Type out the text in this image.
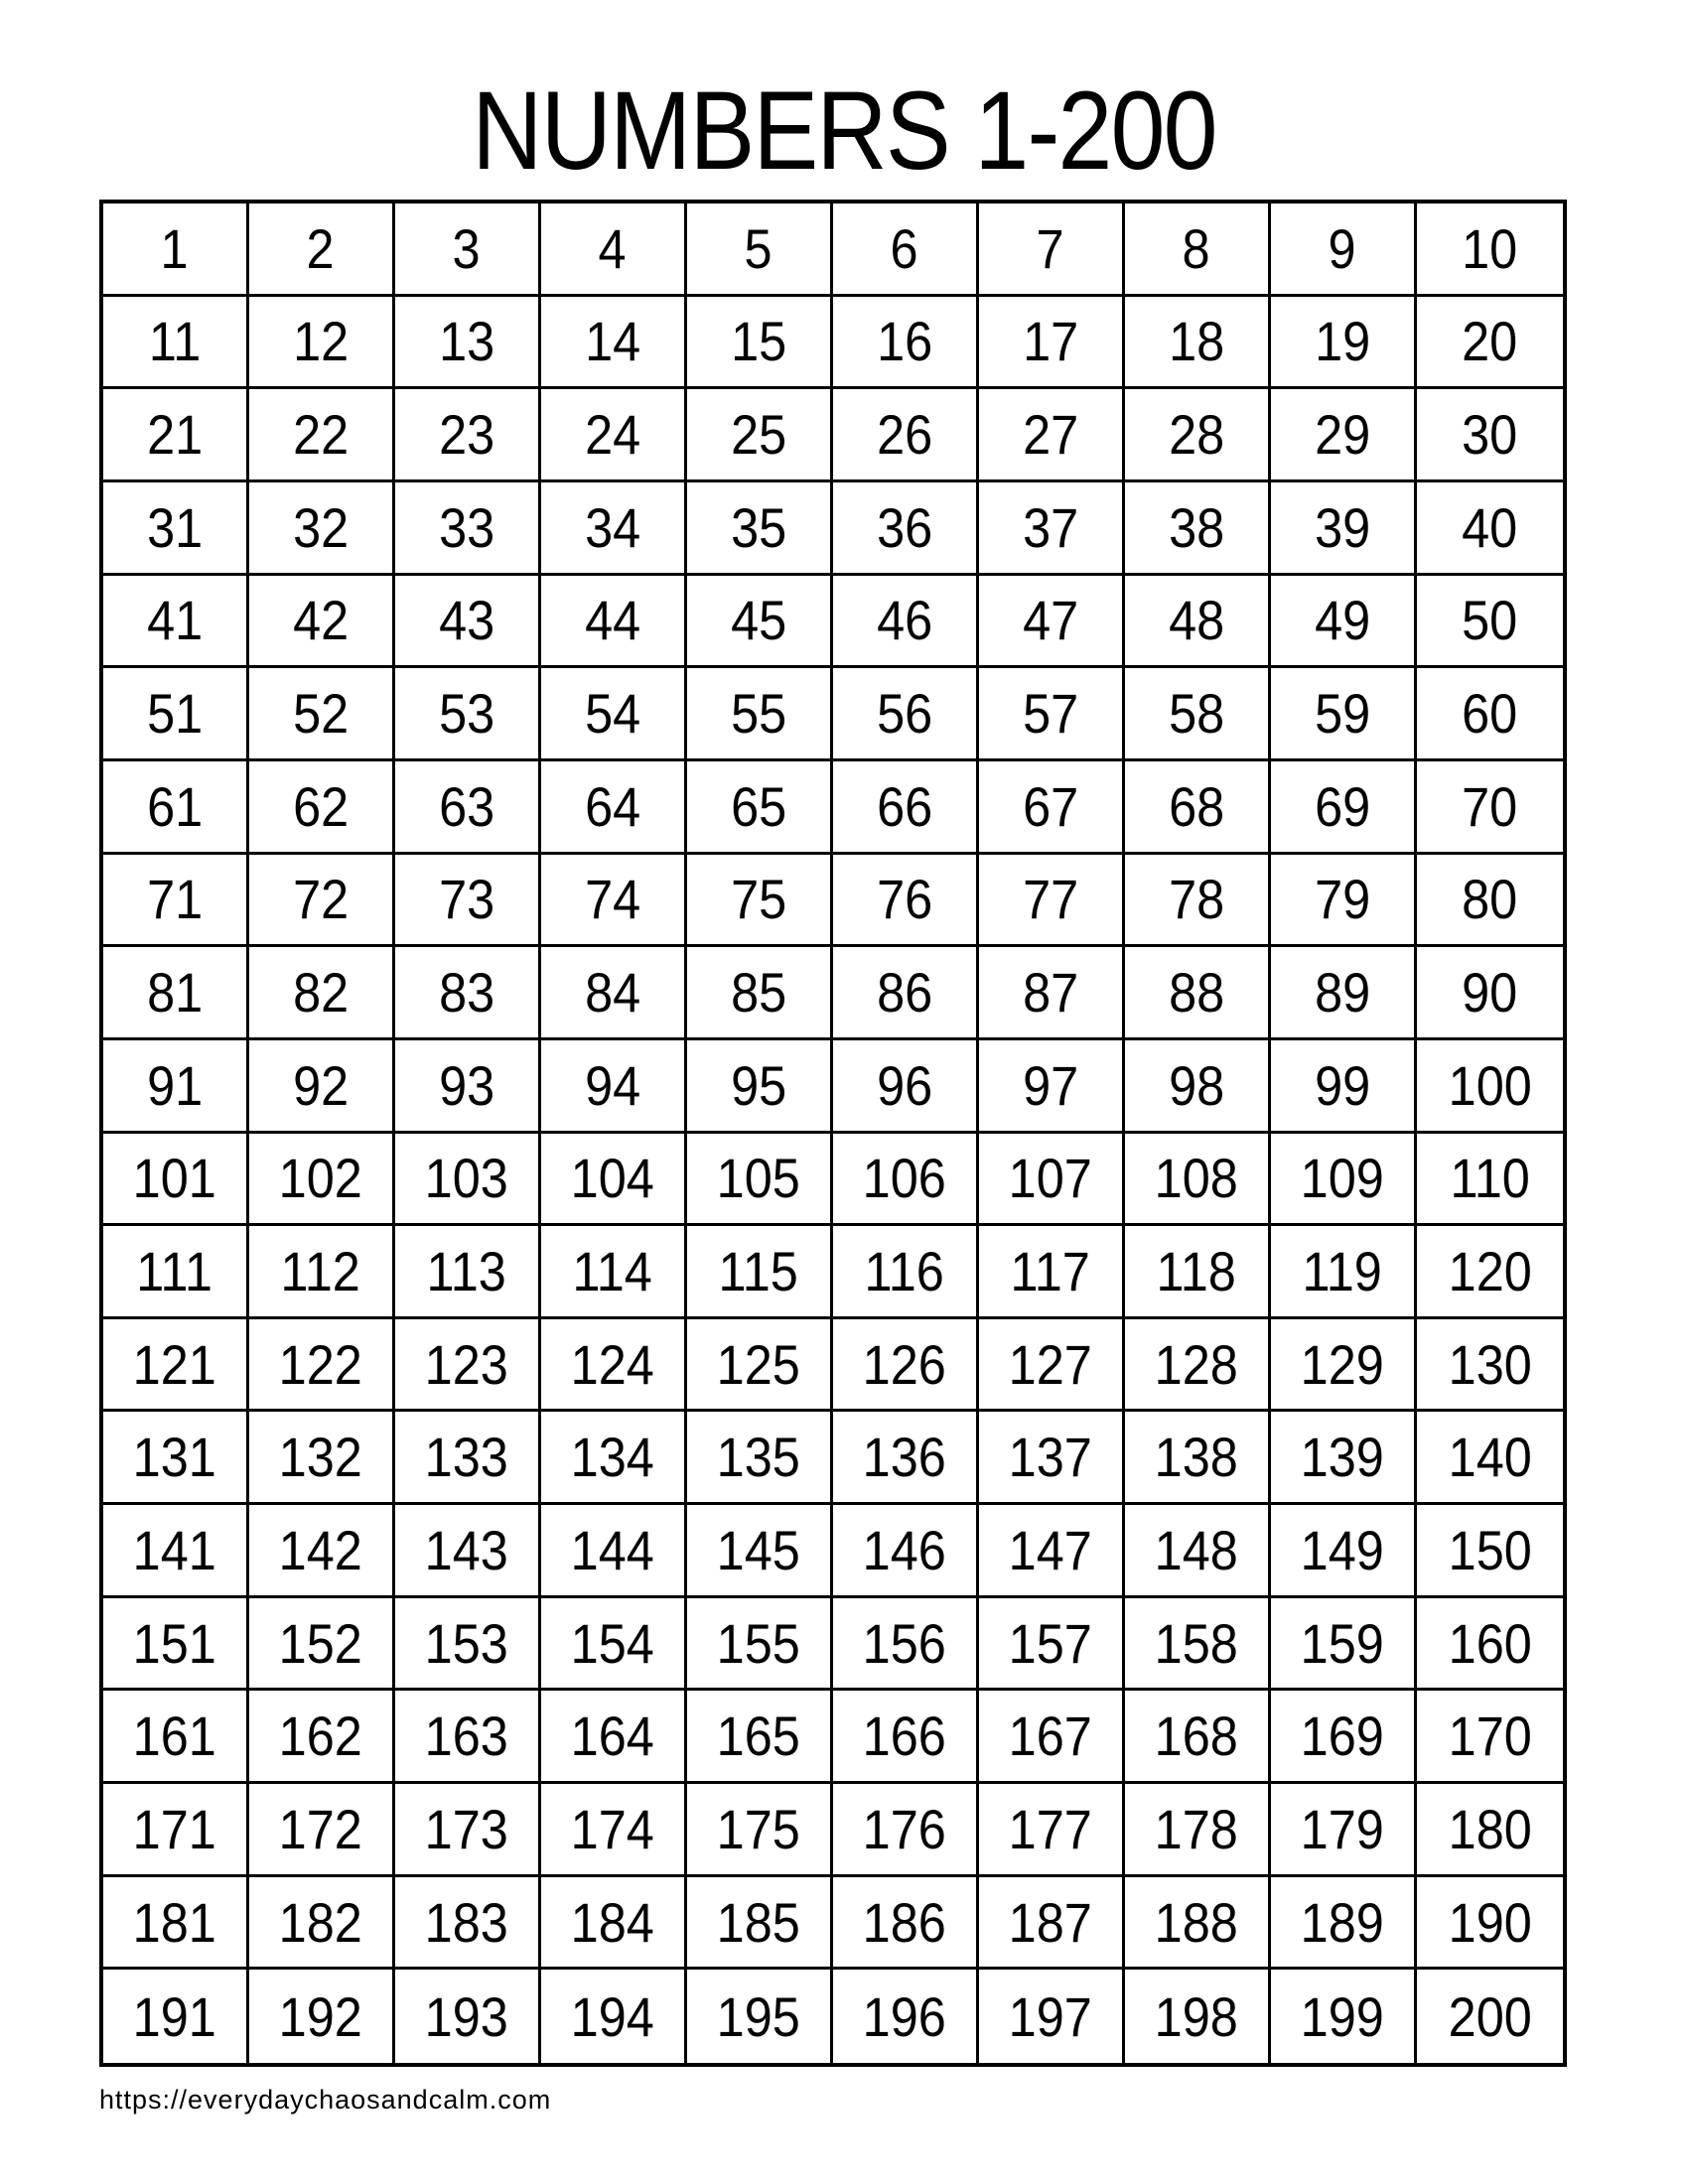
NUMBERS 1-200
1 2 3 4 5 6 7 8 9 10
11 12 13 14 15 16 17 18 19 20
21 22 23 24 25 26 27 28 29 30
31 32 33 34 35 36 37 38 39 40
41 42 43 44 45 46 47 48 49 50
51 52 53 54 55 56 57 58 59 60
61 62 63 64 65 66 67 68 69 70
71 72 73 74 75 76 77 78 79 80
81 82 83 84 85 86 87 88 89 90
91 92 93 94 95 96 97 98 99 100
101 102 103 104 105 106 107 108 109 110
111 112 113 114 115 116 117 118 119 120
121 122 123 124 125 126 127 128 129 130
131 132 133 134 135 136 137 138 139 140
141 142 143 144 145 146 147 148 149 150
151 152 153 154 155 156 157 158 159 160
161 162 163 164 165 166 167 168 169 170
171 172 173 174 175 176 177 178 179 180
181 182 183 184 185 186 187 188 189 190
191 192 193 194 195 196 197 198 199 200
https://everydaychaosandcalm.com
